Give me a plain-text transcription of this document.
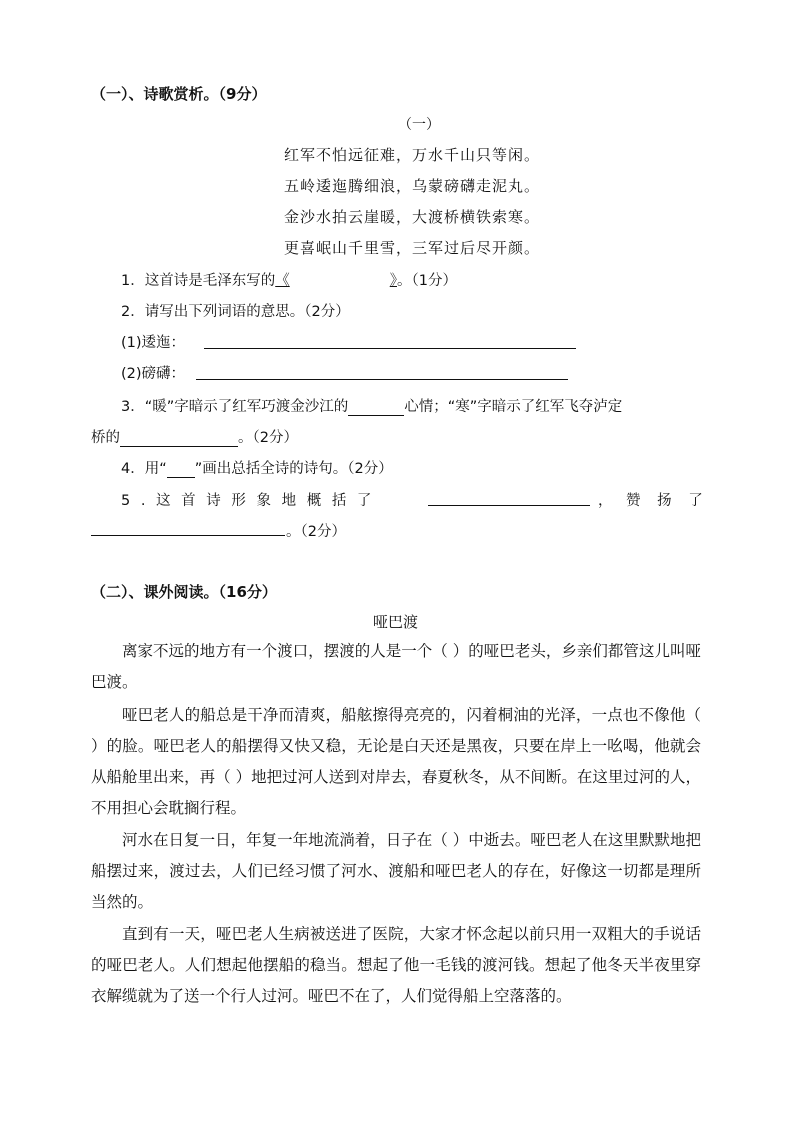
（一）、诗歌赏析。（9分）
（一）
红军不怕远征难，万水千山只等闲。
五岭逶迤腾细浪，乌蒙磅礴走泥丸。
金沙水拍云崖暖，大渡桥横铁索寒。
更喜岷山千里雪，三军过后尽开颜。
1．这首诗是毛泽东写的《	》。（1分）
2．请写出下列词语的意思。（2分）
(1)逶迤：
(2)磅礴：
3．“暖”字暗示了红军巧渡金沙江的	心情；“寒”字暗示了红军飞夺泸定
桥的	。（2分）
4．用“ ”画出总括全诗的诗句。（2分）
5 . 这 首 诗 形 象 地 概 括 了	， 赞 扬 了
。（2分）
（二）、课外阅读。（16分）
哑巴渡
离家不远的地方有一个渡口，摆渡的人是一个（ ）的哑巴老头，乡亲们都管这儿叫哑巴渡。
哑巴老人的船总是干净而清爽，船舷擦得亮亮的，闪着桐油的光泽，一点也不像他（ ）的脸。哑巴老人的船摆得又快又稳，无论是白天还是黑夜，只要在岸上一吆喝，他就会从船舱里出来，再（ ）地把过河人送到对岸去，春夏秋冬，从不间断。在这里过河的人，不用担心会耽搁行程。
河水在日复一日，年复一年地流淌着，日子在（ ）中逝去。哑巴老人在这里默默地把船摆过来，渡过去，人们已经习惯了河水、渡船和哑巴老人的存在，好像这一切都是理所当然的。
直到有一天，哑巴老人生病被送进了医院，大家才怀念起以前只用一双粗大的手说话的哑巴老人。人们想起他摆船的稳当。想起了他一毛钱的渡河钱。想起了他冬天半夜里穿衣解缆就为了送一个行人过河。哑巴不在了，人们觉得船上空落落的。
